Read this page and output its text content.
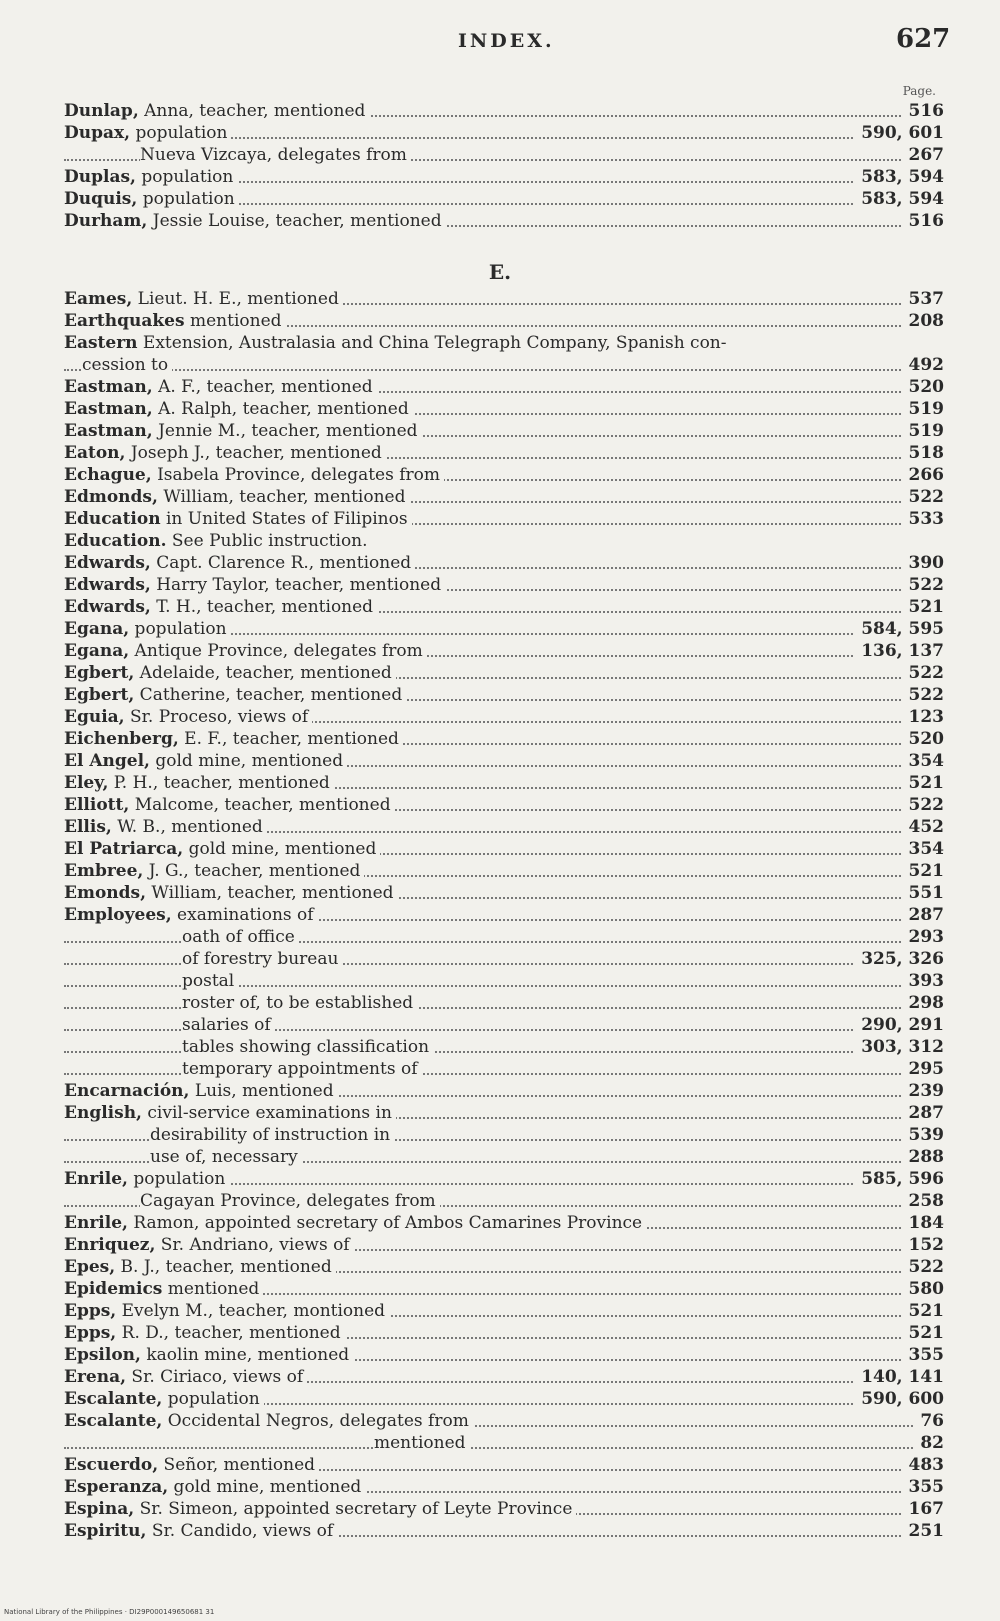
INDEX.	627
Page.
Dunlap, Anna, teacher, mentioned	516
Dupax, population	590, 601
Nueva Vizcaya, delegates from	267
Duplas, population	583, 594
Duquis, population	583, 594
Durham, Jessie Louise, teacher, mentioned	516
E.
Eames, Lieut. H. E., mentioned	537
Earthquakes mentioned	208
Eastern Extension, Australasia and China Telegraph Company, Spanish con-
cession to	492
Eastman, A. F., teacher, mentioned	520
Eastman, A. Ralph, teacher, mentioned	519
Eastman, Jennie M., teacher, mentioned	519
Eaton, Joseph J., teacher, mentioned	518
Echague, Isabela Province, delegates from	266
Edmonds, William, teacher, mentioned	522
Education in United States of Filipinos	533
Education. See Public instruction.
Edwards, Capt. Clarence R., mentioned	390
Edwards, Harry Taylor, teacher, mentioned	522
Edwards, T. H., teacher, mentioned	521
Egana, population	584, 595
Egana, Antique Province, delegates from	136, 137
Egbert, Adelaide, teacher, mentioned	522
Egbert, Catherine, teacher, mentioned	522
Eguia, Sr. Proceso, views of	123
Eichenberg, E. F., teacher, mentioned	520
El Angel, gold mine, mentioned	354
Eley, P. H., teacher, mentioned	521
Elliott, Malcome, teacher, mentioned	522
Ellis, W. B., mentioned	452
El Patriarca, gold mine, mentioned	354
Embree, J. G., teacher, mentioned	521
Emonds, William, teacher, mentioned	551
Employees, examinations of	287
oath of office	293
of forestry bureau	325, 326
postal	393
roster of, to be established	298
salaries of	290, 291
tables showing classification	303, 312
temporary appointments of	295
Encarnación, Luis, mentioned	239
English, civil-service examinations in	287
desirability of instruction in	539
use of, necessary	288
Enrile, population	585, 596
Cagayan Province, delegates from	258
Enrile, Ramon, appointed secretary of Ambos Camarines Province	184
Enriquez, Sr. Andriano, views of	152
Epes, B. J., teacher, mentioned	522
Epidemics mentioned	580
Epps, Evelyn M., teacher, montioned	521
Epps, R. D., teacher, mentioned	521
Epsilon, kaolin mine, mentioned	355
Erena, Sr. Ciriaco, views of	140, 141
Escalante, population	590, 600
Escalante, Occidental Negros, delegates from	76
mentioned	82
Escuerdo, Señor, mentioned	483
Esperanza, gold mine, mentioned	355
Espina, Sr. Simeon, appointed secretary of Leyte Province	167
Espiritu, Sr. Candido, views of	251
National Library of the Philippines · DI29P000149650681 31
